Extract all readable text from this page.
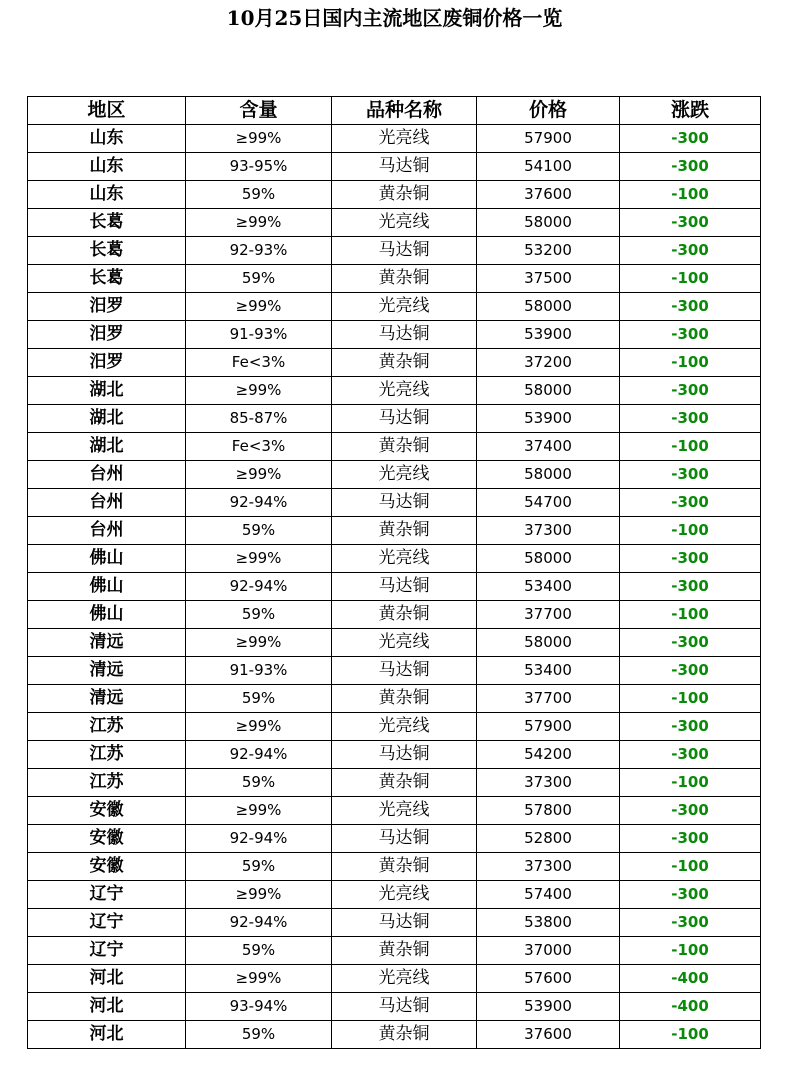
10月25日国内主流地区废铜价格一览
地区	含量	品种名称	价格	涨跌
山东	≥99%	光亮线	57900	-300
山东	93-95%	马达铜	54100	-300
山东	59%	黄杂铜	37600	-100
长葛	≥99%	光亮线	58000	-300
长葛	92-93%	马达铜	53200	-300
长葛	59%	黄杂铜	37500	-100
汨罗	≥99%	光亮线	58000	-300
汨罗	91-93%	马达铜	53900	-300
汨罗	Fe<3%	黄杂铜	37200	-100
湖北	≥99%	光亮线	58000	-300
湖北	85-87%	马达铜	53900	-300
湖北	Fe<3%	黄杂铜	37400	-100
台州	≥99%	光亮线	58000	-300
台州	92-94%	马达铜	54700	-300
台州	59%	黄杂铜	37300	-100
佛山	≥99%	光亮线	58000	-300
佛山	92-94%	马达铜	53400	-300
佛山	59%	黄杂铜	37700	-100
清远	≥99%	光亮线	58000	-300
清远	91-93%	马达铜	53400	-300
清远	59%	黄杂铜	37700	-100
江苏	≥99%	光亮线	57900	-300
江苏	92-94%	马达铜	54200	-300
江苏	59%	黄杂铜	37300	-100
安徽	≥99%	光亮线	57800	-300
安徽	92-94%	马达铜	52800	-300
安徽	59%	黄杂铜	37300	-100
辽宁	≥99%	光亮线	57400	-300
辽宁	92-94%	马达铜	53800	-300
辽宁	59%	黄杂铜	37000	-100
河北	≥99%	光亮线	57600	-400
河北	93-94%	马达铜	53900	-400
河北	59%	黄杂铜	37600	-100
